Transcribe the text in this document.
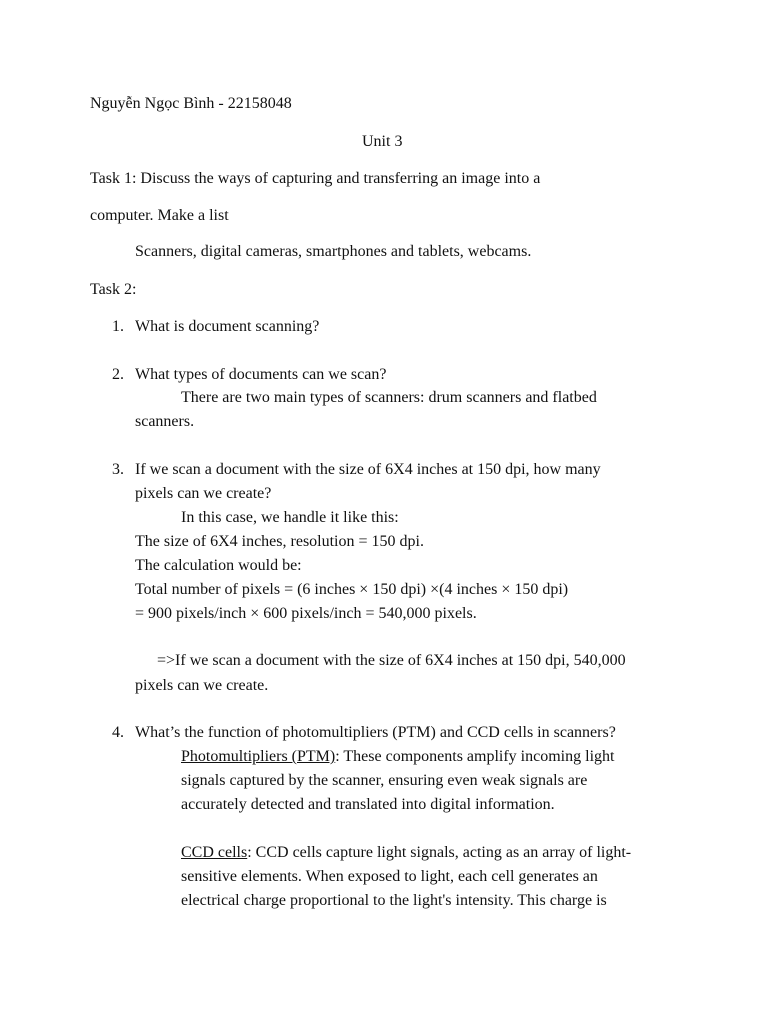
Nguyễn Ngọc Bình - 22158048
Unit 3
Task 1: Discuss the ways of capturing and transferring an image into a
computer. Make a list
Scanners, digital cameras, smartphones and tablets, webcams.
Task 2:
1. What is document scanning?
2. What types of documents can we scan?
There are two main types of scanners: drum scanners and flatbed
scanners.
3. If we scan a document with the size of 6X4 inches at 150 dpi, how many
pixels can we create?
In this case, we handle it like this:
The size of 6X4 inches, resolution = 150 dpi.
The calculation would be:
Total number of pixels = (6 inches × 150 dpi) ×(4 inches × 150 dpi)
= 900 pixels/inch × 600 pixels/inch = 540,000 pixels.
=>If we scan a document with the size of 6X4 inches at 150 dpi, 540,000
pixels can we create.
4. What’s the function of photomultipliers (PTM) and CCD cells in scanners?
Photomultipliers (PTM): These components amplify incoming light
signals captured by the scanner, ensuring even weak signals are
accurately detected and translated into digital information.
CCD cells: CCD cells capture light signals, acting as an array of light-
sensitive elements. When exposed to light, each cell generates an
electrical charge proportional to the light's intensity. This charge is
